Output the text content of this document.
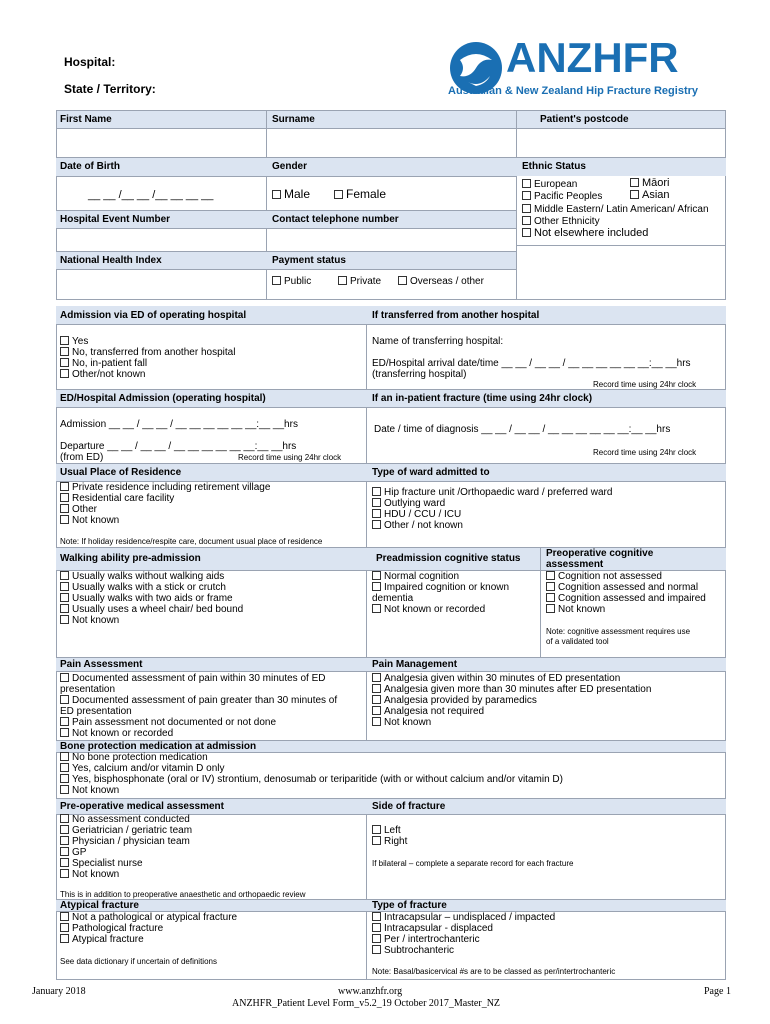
Hospital:
State / Territory:
ANZHFR
Australian & New Zealand Hip Fracture Registry
First Name	Surname	Patient's postcode
Date of Birth	Gender	Ethnic Status
__ __ /__ __ /__ __ __ __	Male	Female
European	Māori
Pacific Peoples	Asian
Middle Eastern/ Latin American/ African
Other Ethnicity
Not elsewhere included
Hospital Event Number	Contact telephone number
National Health Index	Payment status
Public	Private	Overseas / other
Admission via ED of operating hospital	If transferred from another hospital
Yes
No, transferred from another hospital
No, in-patient fall
Other/not known
Name of transferring hospital:
ED/Hospital arrival date/time __ __ / __ __ / __ __ __ __ __ __:__ __hrs
(transferring hospital)
Record time using 24hr clock
ED/Hospital Admission (operating hospital)	If an in-patient fracture (time using 24hr clock)
Admission __ __ / __ __ / __ __ __ __ __ __:__ __hrs
Departure __ __ / __ __ / __ __ __ __ __ __:__ __hrs
(from ED)	Record time using 24hr clock
Date / time of diagnosis __ __ / __ __ / __ __ __ __ __ __:__ __hrs
Record time using 24hr clock
Usual Place of Residence	Type of ward admitted to
Private residence including retirement village
Residential care facility
Other
Not known
Note: If holiday residence/respite care, document usual place of residence
Hip fracture unit /Orthopaedic ward / preferred ward
Outlying ward
HDU / CCU / ICU
Other / not known
Walking ability pre-admission	Preadmission cognitive status	Preoperative cognitive
assessment
Usually walks without walking aids
Usually walks with a stick or crutch
Usually walks with two aids or frame
Usually uses a wheel chair/ bed bound
Not known
Normal cognition
Impaired cognition or known
dementia
Not known or recorded
Cognition not assessed
Cognition assessed and normal
Cognition assessed and impaired
Not known
Note: cognitive assessment requires use
of a validated tool
Pain Assessment	Pain Management
Documented assessment of pain within 30 minutes of ED
presentation
Documented assessment of pain greater than 30 minutes of
ED presentation
Pain assessment not documented or not done
Not known or recorded
Analgesia given within 30 minutes of ED presentation
Analgesia given more than 30 minutes after ED presentation
Analgesia provided by paramedics
Analgesia not required
Not known
Bone protection medication at admission
No bone protection medication
Yes, calcium and/or vitamin D only
Yes, bisphosphonate (oral or IV) strontium, denosumab or teriparitide (with or without calcium and/or vitamin D)
Not known
Pre-operative medical assessment	Side of fracture
No assessment conducted
Geriatrician / geriatric team
Physician / physician team
GP
Specialist nurse
Not known
This is in addition to preoperative anaesthetic and orthopaedic review
Left
Right
If bilateral – complete a separate record for each fracture
Atypical fracture	Type of fracture
Not a pathological or atypical fracture
Pathological fracture
Atypical fracture
See data dictionary if uncertain of definitions
Intracapsular – undisplaced / impacted
Intracapsular - displaced
Per / intertrochanteric
Subtrochanteric
Note: Basal/basicervical #s are to be classed as per/intertrochanteric
January 2018	www.anzhfr.org	Page 1
ANZHFR_Patient Level Form_v5.2_19 October 2017_Master_NZ
